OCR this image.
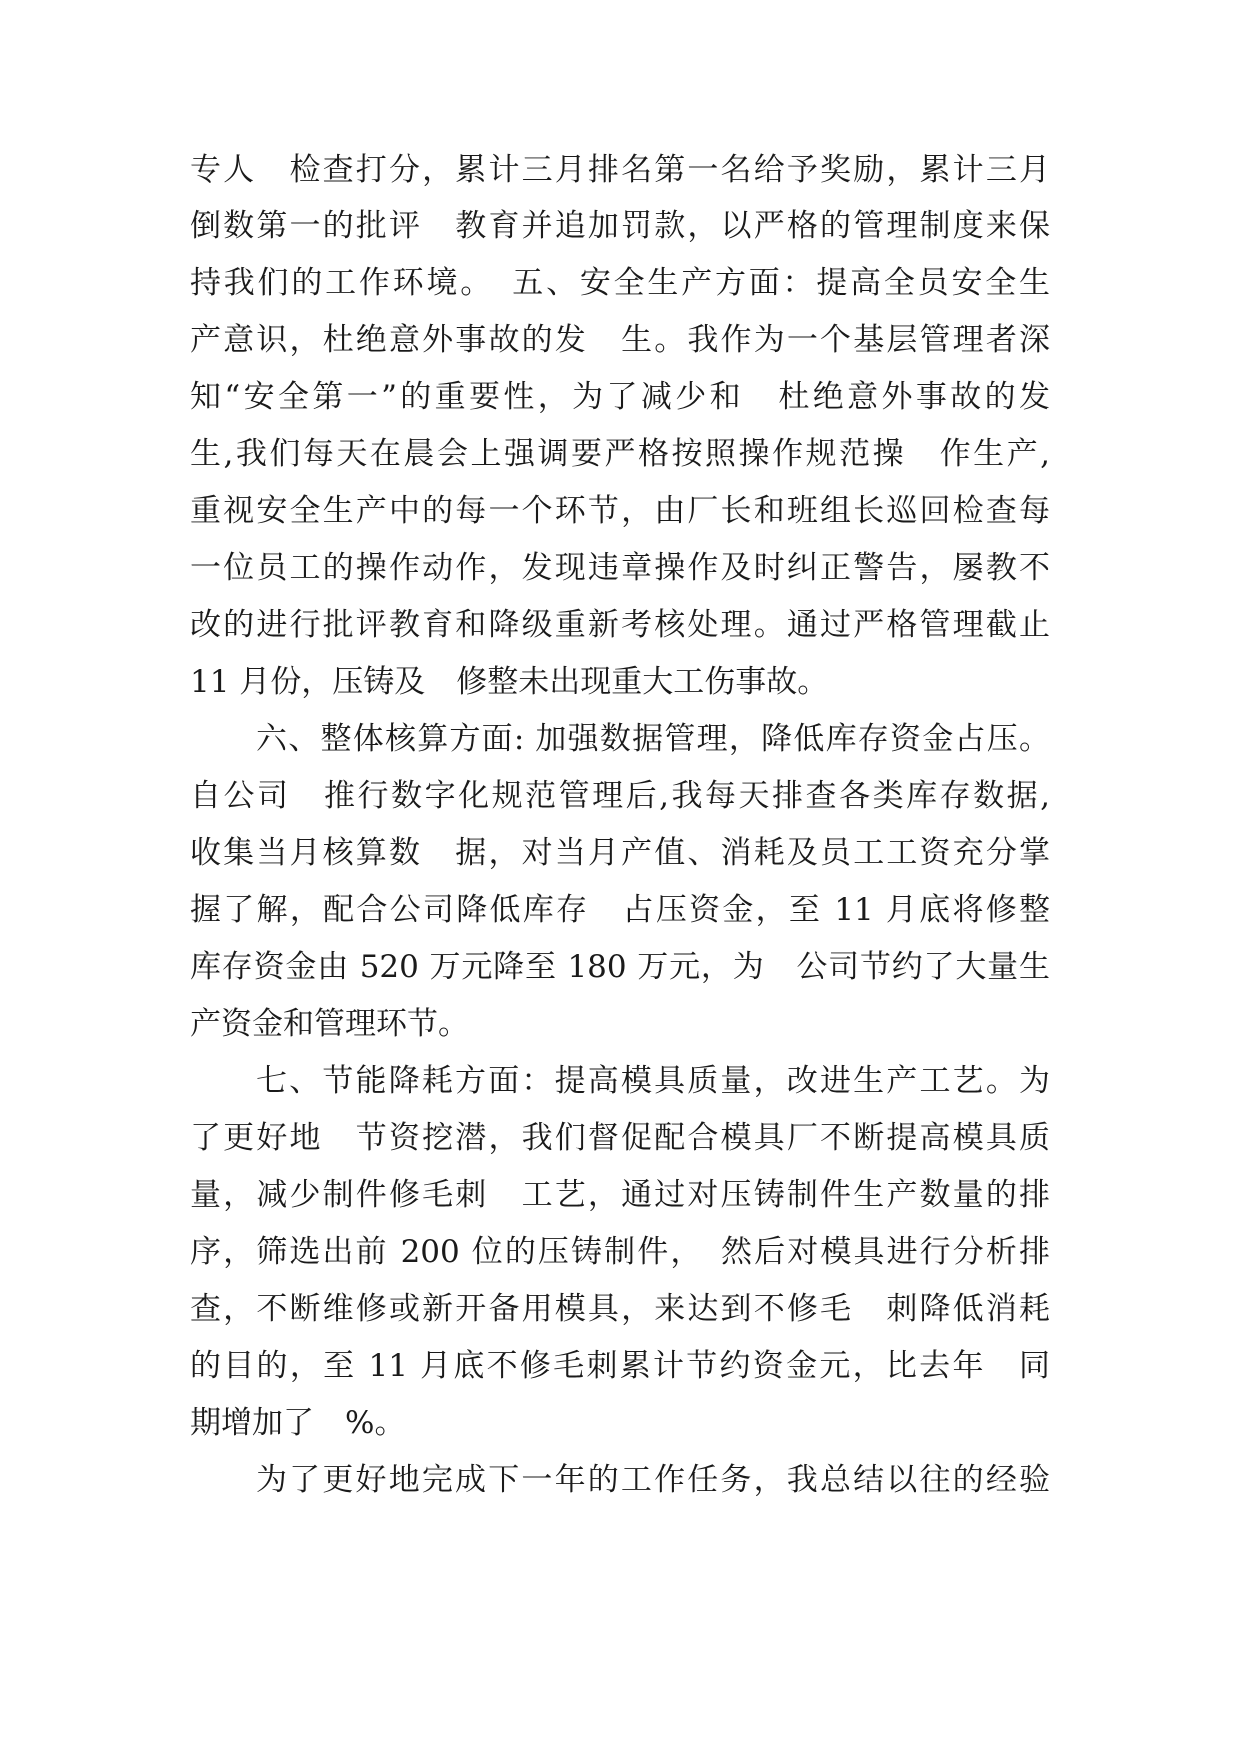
专人　检查打分，累计三月排名第一名给予奖励，累计三月
倒数第一的批评　教育并追加罚款，以严格的管理制度来保
持我们的工作环境。　五、安全生产方面：提高全员安全生
产意识，杜绝意外事故的发　生。我作为一个基层管理者深
知“安全第一”的重要性，为了减少和　杜绝意外事故的发
生,我们每天在晨会上强调要严格按照操作规范操　作生产,
重视安全生产中的每一个环节，由厂长和班组长巡回检查每
一位员工的操作动作，发现违章操作及时纠正警告，屡教不
改的进行批评教育和降级重新考核处理。通过严格管理截止
11 月份，压铸及　修整未出现重大工伤事故。
六、整体核算方面: 加强数据管理，降低库存资金占压。
自公司　推行数字化规范管理后,我每天排查各类库存数据,
收集当月核算数　据，对当月产值、消耗及员工工资充分掌
握了解，配合公司降低库存　占压资金，至 11 月底将修整
库存资金由 520 万元降至 180 万元，为　公司节约了大量生
产资金和管理环节。
七、节能降耗方面：提高模具质量，改进生产工艺。为
了更好地　节资挖潜，我们督促配合模具厂不断提高模具质
量，减少制件修毛刺　工艺，通过对压铸制件生产数量的排
序，筛选出前 200 位的压铸制件，　然后对模具进行分析排
查，不断维修或新开备用模具，来达到不修毛　刺降低消耗
的目的，至 11 月底不修毛刺累计节约资金元，比去年　同
期增加了　%。
为了更好地完成下一年的工作任务，我总结以往的经验
